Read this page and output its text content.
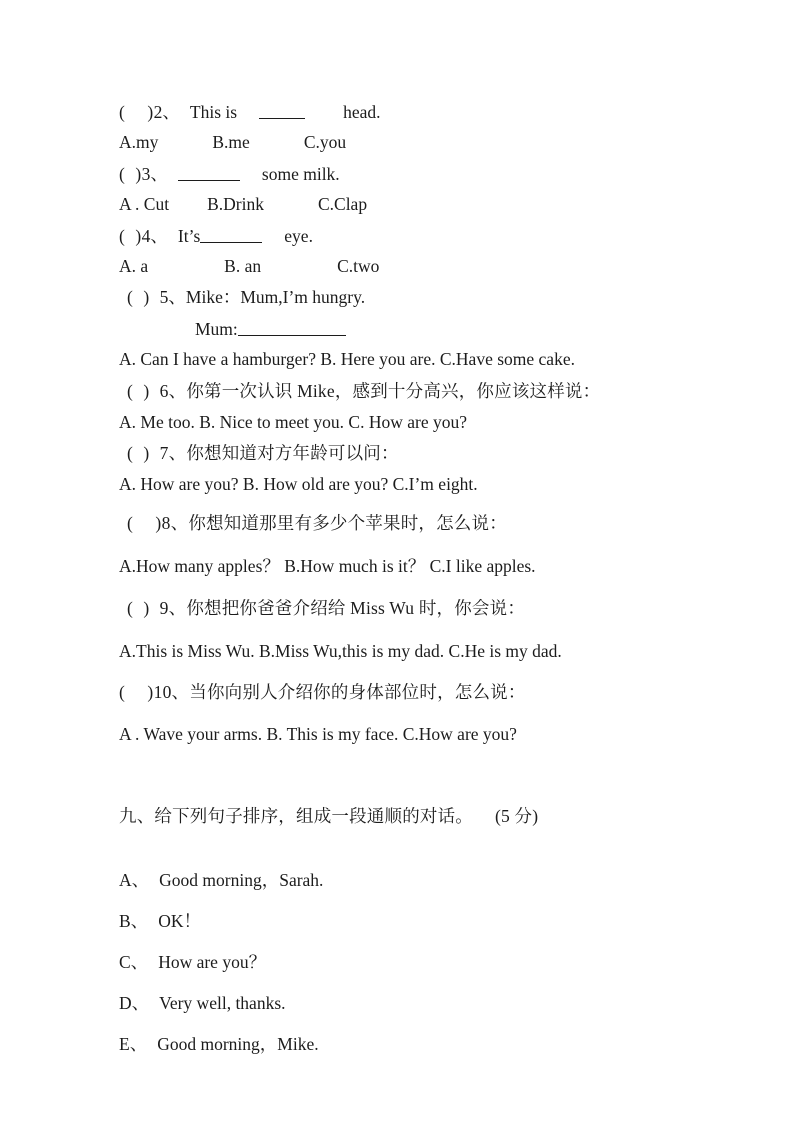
( )2、 This is	head.
A.my	B.me	C.you
( )3、	some milk.
A . Cut B.Drink	C.Clap
( )4、 It’s	eye.
A. a	B. an	C.two
( ) 5、Mike：Mum,I’m hungry.
Mum:
A. Can I have a hamburger? B. Here you are. C.Have some cake.
( ) 6、你第一次认识 Mike，感到十分高兴，你应该这样说：
A. Me too. B. Nice to meet you. C. How are you?
( ) 7、你想知道对方年龄可以问：
A. How are you? B. How old are you? C.I’m eight.
( )8、你想知道那里有多少个苹果时，怎么说：
A.How many apples？ B.How much is it？ C.I like apples.
( ) 9、你想把你爸爸介绍给 Miss Wu 时，你会说：
A.This is Miss Wu. B.Miss Wu,this is my dad. C.He is my dad.
( )10、当你向别人介绍你的身体部位时，怎么说：
A . Wave your arms. B. This is my face. C.How are you?
九、给下列句子排序，组成一段通顺的对话。 (5 分)
A、 Good morning，Sarah.
B、 OK！
C、 How are you？
D、 Very well, thanks.
E、 Good morning，Mike.
